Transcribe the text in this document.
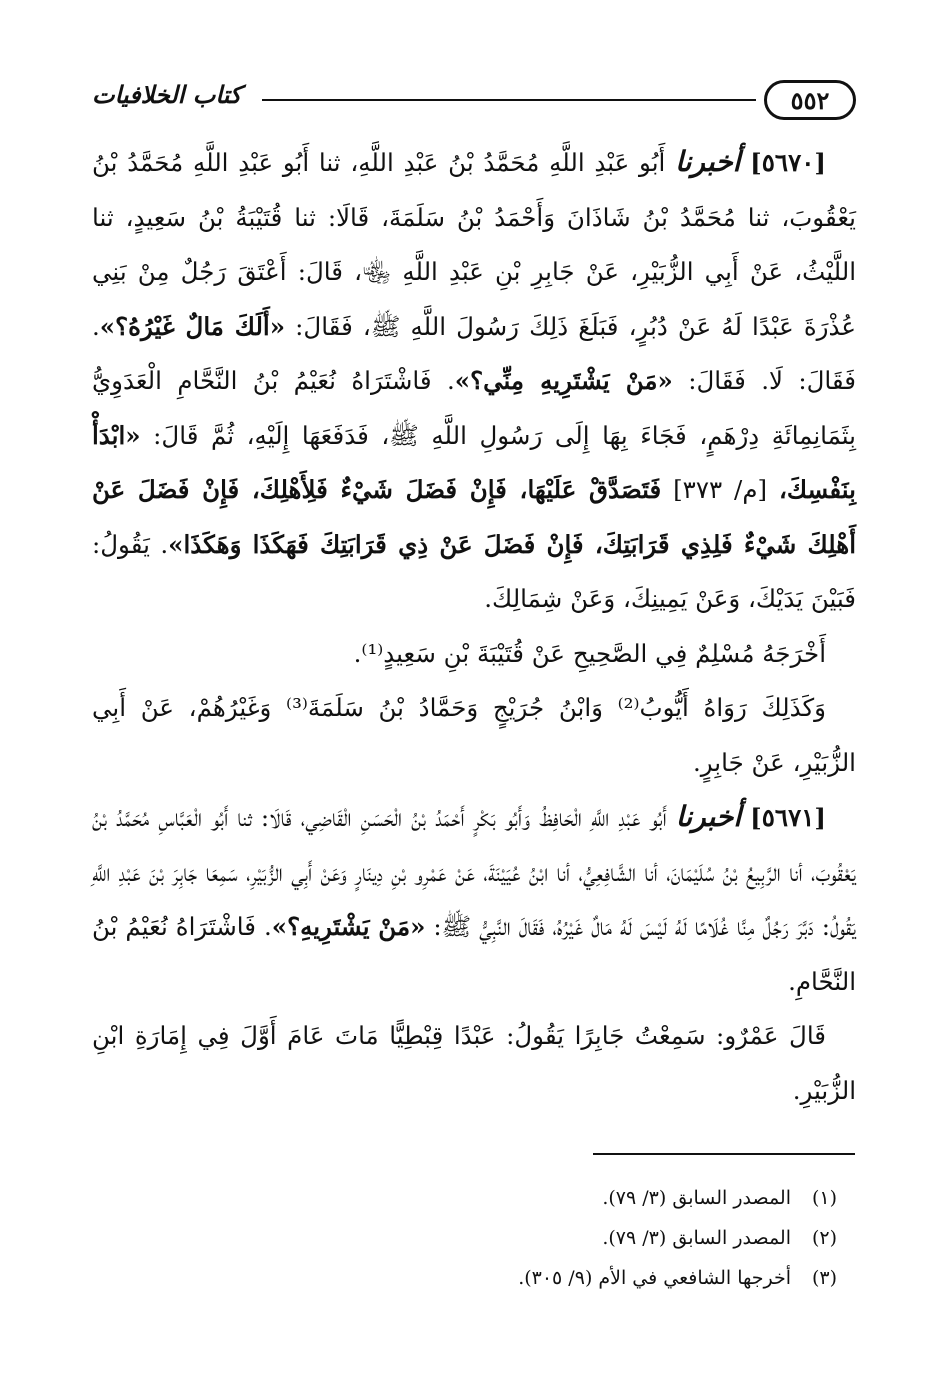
٥٥٢
كتاب الخلافيات

[٥٦٧٠] أخبرنا أَبُو عَبْدِ اللَّهِ مُحَمَّدُ بْنُ عَبْدِ اللَّهِ، ثنا أَبُو عَبْدِ اللَّهِ مُحَمَّدُ بْنُ يَعْقُوبَ، ثنا مُحَمَّدُ بْنُ شَاذَانَ وَأَحْمَدُ بْنُ سَلَمَةَ، قَالَا: ثنا قُتَيْبَةُ بْنُ سَعِيدٍ، ثنا اللَّيْثُ، عَنْ أَبِي الزُّبَيْرِ، عَنْ جَابِرِ بْنِ عَبْدِ اللَّهِ ﵄، قَالَ: أَعْتَقَ رَجُلٌ مِنْ بَنِي عُذْرَةَ عَبْدًا لَهُ عَنْ دُبُرٍ، فَبَلَغَ ذَلِكَ رَسُولَ اللَّهِ ﷺ، فَقَالَ: «أَلَكَ مَالٌ غَيْرُهُ؟». فَقَالَ: لَا. فَقَالَ: «مَنْ يَشْتَرِيهِ مِنِّي؟». فَاشْتَرَاهُ نُعَيْمُ بْنُ النَّحَّامِ الْعَدَوِيُّ بِثَمَانِمِائَةِ دِرْهَمٍ، فَجَاءَ بِهَا إِلَى رَسُولِ اللَّهِ ﷺ، فَدَفَعَهَا إِلَيْهِ، ثُمَّ قَالَ: «ابْدَأْ بِنَفْسِكَ، [م/ ٣٧٣] فَتَصَدَّقْ عَلَيْهَا، فَإِنْ فَضَلَ شَيْءٌ فَلِأَهْلِكَ، فَإِنْ فَضَلَ عَنْ أَهْلِكَ شَيْءٌ فَلِذِي قَرَابَتِكَ، فَإِنْ فَضَلَ عَنْ ذِي قَرَابَتِكَ فَهَكَذَا وَهَكَذَا». يَقُولُ: فَبَيْنَ يَدَيْكَ، وَعَنْ يَمِينِكَ، وَعَنْ شِمَالِكَ.

أَخْرَجَهُ مُسْلِمٌ فِي الصَّحِيحِ عَنْ قُتَيْبَةَ بْنِ سَعِيدٍ⁽¹⁾.

وَكَذَلِكَ رَوَاهُ أَيُّوبُ⁽²⁾ وَابْنُ جُرَيْجٍ وَحَمَّادُ بْنُ سَلَمَةَ⁽³⁾ وَغَيْرُهُمْ، عَنْ أَبِي الزُّبَيْرِ، عَنْ جَابِرٍ.

[٥٦٧١] أخبرنا أَبُو عَبْدِ اللَّهِ الْحَافِظُ وَأَبُو بَكْرٍ أَحْمَدُ بْنُ الْحَسَنِ الْقَاضِي، قَالَا: ثنا أَبُو الْعَبَّاسِ مُحَمَّدُ بْنُ يَعْقُوبَ، أنا الرَّبِيعُ بْنُ سُلَيْمَانَ، أنا الشَّافِعِيُّ، أنا ابْنُ عُيَيْنَةَ، عَنْ عَمْرِو بْنِ دِينَارٍ وَعَنْ أَبِي الزُّبَيْرِ، سَمِعَا جَابِرَ بْنَ عَبْدِ اللَّهِ يَقُولُ: دَبَّرَ رَجُلٌ مِنَّا غُلَامًا لَهُ لَيْسَ لَهُ مَالٌ غَيْرُهُ، فَقَالَ النَّبِيُّ ﷺ: «مَنْ يَشْتَرِيهِ؟». فَاشْتَرَاهُ نُعَيْمُ بْنُ النَّحَّامِ.

قَالَ عَمْرٌو: سَمِعْتُ جَابِرًا يَقُولُ: عَبْدًا قِبْطِيًّا مَاتَ عَامَ أَوَّلَ فِي إِمَارَةِ ابْنِ الزُّبَيْرِ.

(١)
المصدر السابق (٣/ ٧٩).
(٢)
المصدر السابق (٣/ ٧٩).
(٣)
أخرجها الشافعي في الأم (٩/ ٣٠٥).
